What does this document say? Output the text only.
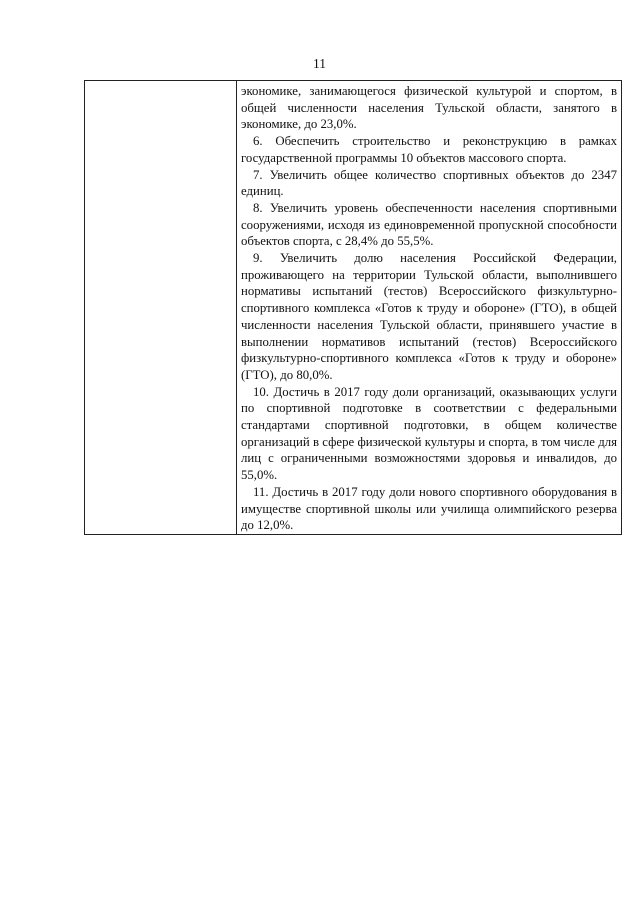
11

экономике, занимающегося физической культурой и спортом, в общей численности населения Тульской области, занятого в экономике, до 23,0%.

6. Обеспечить строительство и реконструкцию в рамках государственной программы 10 объектов массового спорта.

7. Увеличить общее количество спортивных объектов до 2347 единиц.

8. Увеличить уровень обеспеченности населения спортивными сооружениями, исходя из единовременной пропускной способности объектов спорта, с 28,4% до 55,5%.

9. Увеличить долю населения Российской Федерации, проживающего на территории Тульской области, выполнившего нормативы испытаний (тестов) Всероссийского физкультурно-спортивного комплекса «Готов к труду и обороне» (ГТО), в общей численности населения Тульской области, принявшего участие в выполнении нормативов испытаний (тестов) Всероссийского физкультурно-спортивного комплекса «Готов к труду и обороне» (ГТО), до 80,0%.

10. Достичь в 2017 году доли организаций, оказывающих услуги по спортивной подготовке в соответствии с федеральными стандартами спортивной подготовки, в общем количестве организаций в сфере физической культуры и спорта, в том числе для лиц с ограниченными возможностями здоровья и инвалидов, до 55,0%.

11. Достичь в 2017 году доли нового спортивного оборудования в имуществе спортивной школы или училища олимпийского резерва до 12,0%.
